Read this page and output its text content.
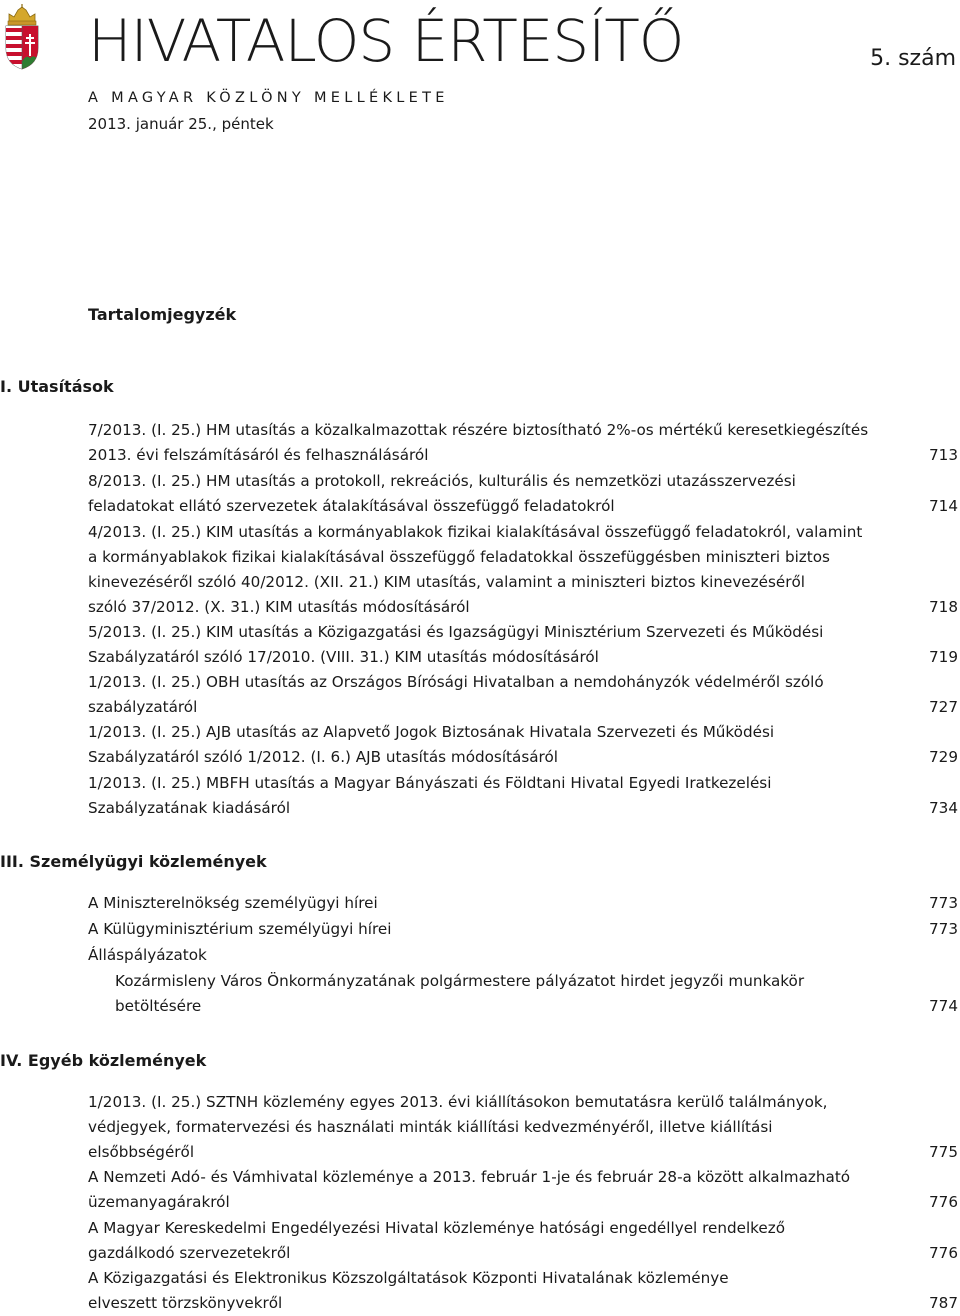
HIVATALOS ÉRTESÍTŐ	5. szám
A MAGYAR KÖZLÖNY MELLÉKLETE
2013. január 25., péntek
Tartalomjegyzék
I. Utasítások
7/2013. (I. 25.) HM utasítás a közalkalmazottak részére biztosítható 2%-os mértékű keresetkiegészítés
2013. évi felszámításáról és felhasználásáról	713
8/2013. (I. 25.) HM utasítás a protokoll, rekreációs, kulturális és nemzetközi utazásszervezési
feladatokat ellátó szervezetek átalakításával összefüggő feladatokról	714
4/2013. (I. 25.) KIM utasítás a kormányablakok fizikai kialakításával összefüggő feladatokról, valamint
a kormányablakok fizikai kialakításával összefüggő feladatokkal összefüggésben miniszteri biztos
kinevezéséről szóló 40/2012. (XII. 21.) KIM utasítás, valamint a miniszteri biztos kinevezéséről
szóló 37/2012. (X. 31.) KIM utasítás módosításáról	718
5/2013. (I. 25.) KIM utasítás a Közigazgatási és Igazságügyi Minisztérium Szervezeti és Működési
Szabályzatáról szóló 17/2010. (VIII. 31.) KIM utasítás módosításáról	719
1/2013. (I. 25.) OBH utasítás az Országos Bírósági Hivatalban a nemdohányzók védelméről szóló
szabályzatáról	727
1/2013. (I. 25.) AJB utasítás az Alapvető Jogok Biztosának Hivatala Szervezeti és Működési
Szabályzatáról szóló 1/2012. (I. 6.) AJB utasítás módosításáról	729
1/2013. (I. 25.) MBFH utasítás a Magyar Bányászati és Földtani Hivatal Egyedi Iratkezelési
Szabályzatának kiadásáról	734
III. Személyügyi közlemények
A Miniszterelnökség személyügyi hírei	773
A Külügyminisztérium személyügyi hírei	773
Álláspályázatok
Kozármisleny Város Önkormányzatának polgármestere pályázatot hirdet jegyzői munkakör
betöltésére	774
IV. Egyéb közlemények
1/2013. (I. 25.) SZTNH közlemény egyes 2013. évi kiállításokon bemutatásra kerülő találmányok,
védjegyek, formatervezési és használati minták kiállítási kedvezményéről, illetve kiállítási
elsőbbségéről	775
A Nemzeti Adó- és Vámhivatal közleménye a 2013. február 1-je és február 28-a között alkalmazható
üzemanyagárakról	776
A Magyar Kereskedelmi Engedélyezési Hivatal közleménye hatósági engedéllyel rendelkező
gazdálkodó szervezetekről	776
A Közigazgatási és Elektronikus Közszolgáltatások Központi Hivatalának közleménye
elveszett törzskönyvekről	787
